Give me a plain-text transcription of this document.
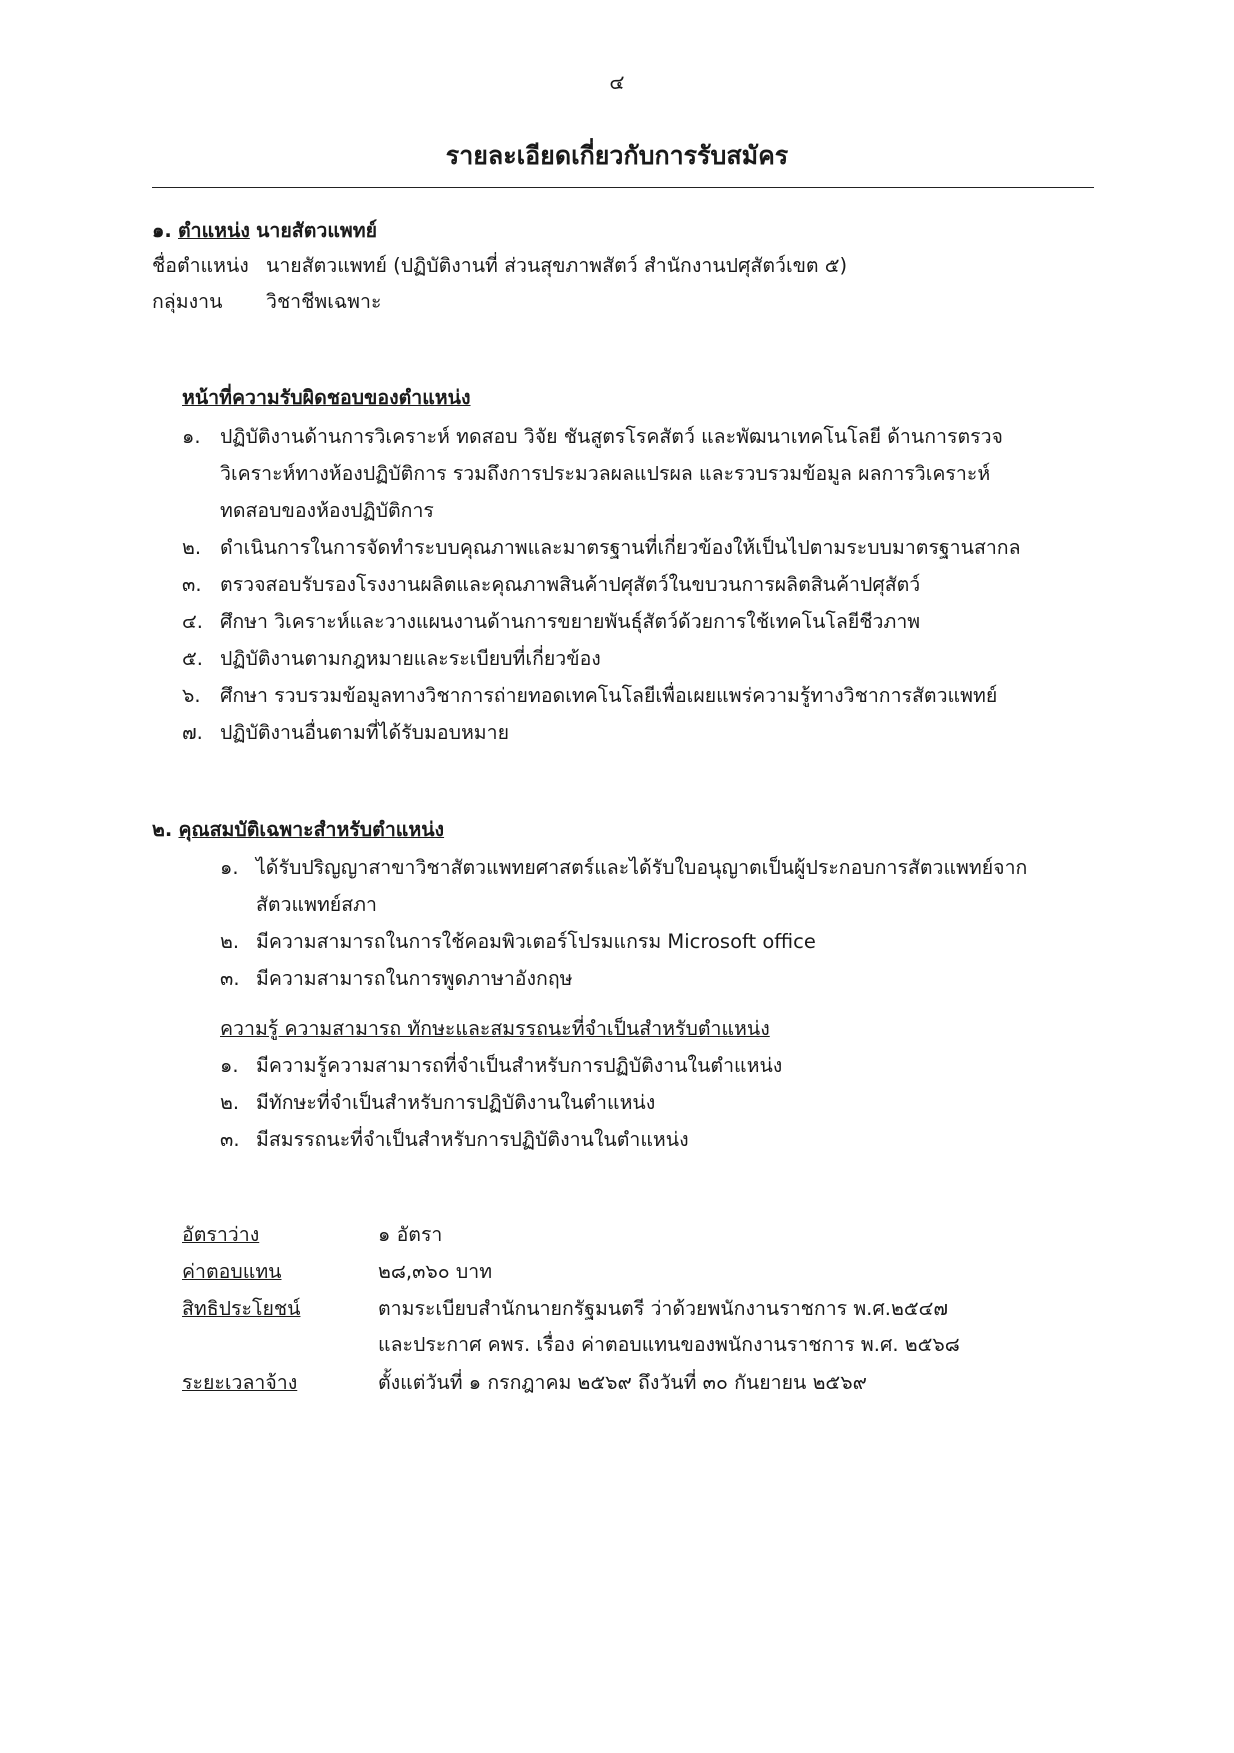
๔
รายละเอียดเกี่ยวกับการรับสมัคร
๑. ตำแหน่ง นายสัตวแพทย์
ชื่อตำแหน่ง นายสัตวแพทย์ (ปฏิบัติงานที่ ส่วนสุขภาพสัตว์ สำนักงานปศุสัตว์เขต ๕)
กลุ่มงาน วิชาชีพเฉพาะ
หน้าที่ความรับผิดชอบของตำแหน่ง
๑. ปฏิบัติงานด้านการวิเคราะห์ ทดสอบ วิจัย ชันสูตรโรคสัตว์ และพัฒนาเทคโนโลยี ด้านการตรวจ
วิเคราะห์ทางห้องปฏิบัติการ รวมถึงการประมวลผลแปรผล และรวบรวมข้อมูล ผลการวิเคราะห์
ทดสอบของห้องปฏิบัติการ
๒. ดำเนินการในการจัดทำระบบคุณภาพและมาตรฐานที่เกี่ยวข้องให้เป็นไปตามระบบมาตรฐานสากล
๓. ตรวจสอบรับรองโรงงานผลิตและคุณภาพสินค้าปศุสัตว์ในขบวนการผลิตสินค้าปศุสัตว์
๔. ศึกษา วิเคราะห์และวางแผนงานด้านการขยายพันธุ์สัตว์ด้วยการใช้เทคโนโลยีชีวภาพ
๕. ปฏิบัติงานตามกฎหมายและระเบียบที่เกี่ยวข้อง
๖. ศึกษา รวบรวมข้อมูลทางวิชาการถ่ายทอดเทคโนโลยีเพื่อเผยแพร่ความรู้ทางวิชาการสัตวแพทย์
๗. ปฏิบัติงานอื่นตามที่ได้รับมอบหมาย
๒. คุณสมบัติเฉพาะสำหรับตำแหน่ง
๑. ได้รับปริญญาสาขาวิชาสัตวแพทยศาสตร์และได้รับใบอนุญาตเป็นผู้ประกอบการสัตวแพทย์จาก
สัตวแพทย์สภา
๒. มีความสามารถในการใช้คอมพิวเตอร์โปรมแกรม Microsoft office
๓. มีความสามารถในการพูดภาษาอังกฤษ
ความรู้ ความสามารถ ทักษะและสมรรถนะที่จำเป็นสำหรับตำแหน่ง
๑. มีความรู้ความสามารถที่จำเป็นสำหรับการปฏิบัติงานในตำแหน่ง
๒. มีทักษะที่จำเป็นสำหรับการปฏิบัติงานในตำแหน่ง
๓. มีสมรรถนะที่จำเป็นสำหรับการปฏิบัติงานในตำแหน่ง
อัตราว่าง	๑ อัตรา
ค่าตอบแทน	๒๘,๓๖๐ บาท
สิทธิประโยชน์	ตามระเบียบสำนักนายกรัฐมนตรี ว่าด้วยพนักงานราชการ พ.ศ.๒๕๔๗
และประกาศ คพร. เรื่อง ค่าตอบแทนของพนักงานราชการ พ.ศ. ๒๕๖๘
ระยะเวลาจ้าง	ตั้งแต่วันที่ ๑ กรกฎาคม ๒๕๖๙ ถึงวันที่ ๓๐ กันยายน ๒๕๖๙
